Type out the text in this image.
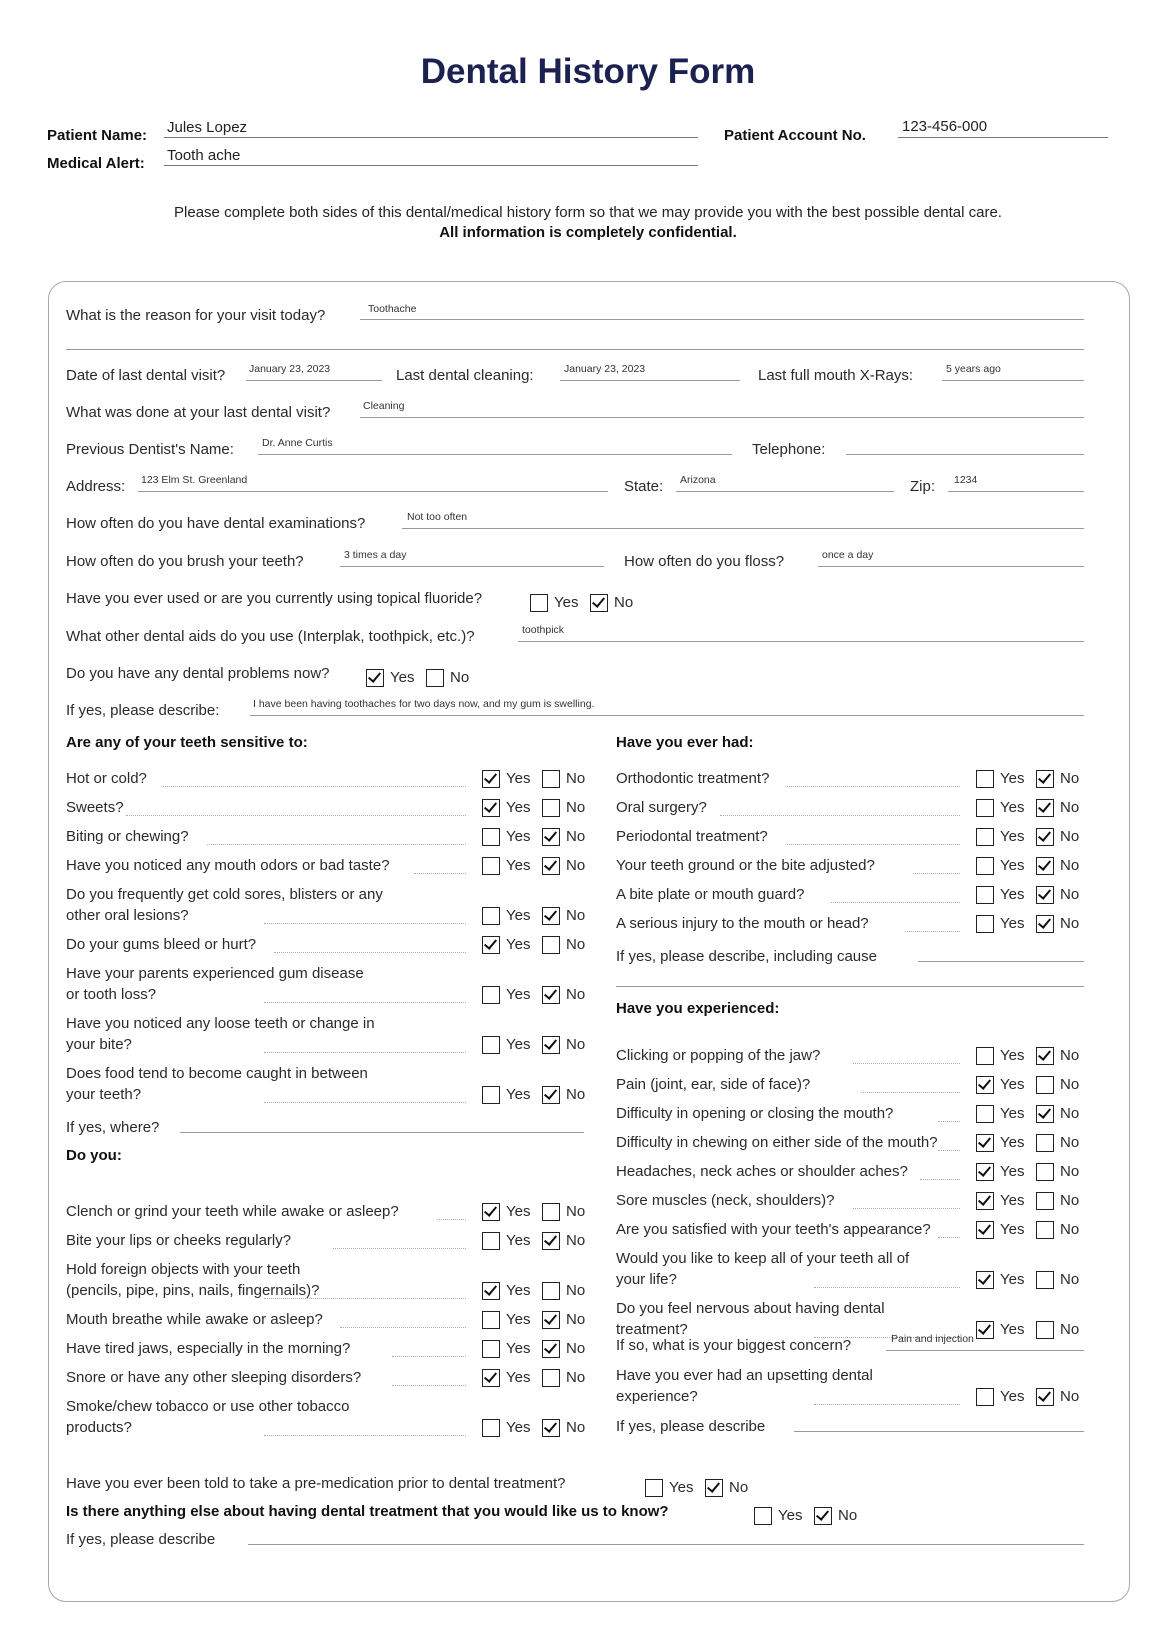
Dental History Form
Patient Name: Jules Lopez	Patient Account No.
123-456-000
Medical Alert: Tooth ache
Please complete both sides of this dental/medical history form so that we may provide you with the best possible dental care.
All information is completely confidential.
What is the reason for your visit today?	Toothache
Date of last dental visit? January 23, 2023	Last dental cleaning:	January 23, 2023	Last full mouth X-Rays:	5 years ago
What was done at your last dental visit?	Cleaning
Previous Dentist's Name:	Dr. Anne Curtis	Telephone:
Address: 123 Elm St. Greenland	State: Arizona	Zip: 1234
How often do you have dental examinations?	Not too often
How often do you brush your teeth?	3 times a day	How often do you floss?	once a day
Have you ever used or are you currently using topical fluoride?	Yes No
What other dental aids do you use (Interplak, toothpick, etc.)?	toothpick
Do you have any dental problems now?	Yes No
If yes, please describe:	I have been having toothaches for two days now, and my gum is swelling.
Are any of your teeth sensitive to:	Have you ever had:
Do you:
Have you experienced:
Hot or cold?	Yes No
Sweets?	Yes No
Biting or chewing?	Yes No
Have you noticed any mouth odors or bad taste?	Yes No
Do you frequently get cold sores, blisters or any
other oral lesions?	Yes No
Do your gums bleed or hurt?	Yes No
Have your parents experienced gum disease
or tooth loss?	Yes No
Have you noticed any loose teeth or change in
your bite?	Yes No
Does food tend to become caught in between
your teeth?	Yes No
Clench or grind your teeth while awake or asleep?	Yes No
Bite your lips or cheeks regularly?	Yes No
Hold foreign objects with your teeth
(pencils, pipe, pins, nails, fingernails)?	Yes No
Mouth breathe while awake or asleep?	Yes No
Have tired jaws, especially in the morning?	Yes No
Snore or have any other sleeping disorders?	Yes No
Smoke/chew tobacco or use other tobacco
products?	Yes No
Orthodontic treatment?	Yes No
Oral surgery?	Yes No
Periodontal treatment?	Yes No
Your teeth ground or the bite adjusted?	Yes No
A bite plate or mouth guard?	Yes No
A serious injury to the mouth or head?	Yes No
Clicking or popping of the jaw?	Yes No
Pain (joint, ear, side of face)?	Yes No
Difficulty in opening or closing the mouth?	Yes No
Difficulty in chewing on either side of the mouth?	Yes No
Headaches, neck aches or shoulder aches?	Yes No
Sore muscles (neck, shoulders)?	Yes No
Are you satisfied with your teeth's appearance?	Yes No
Would you like to keep all of your teeth all of
your life?	Yes No
Do you feel nervous about having dental
treatment?	Yes No
Have you ever had an upsetting dental
experience?	Yes No
If yes, where?
If yes, please describe, including cause
If so, what is your biggest concern?	Pain and injection
If yes, please describe
Have you ever been told to take a pre-medication prior to dental treatment?	Yes No
Is there anything else about having dental treatment that you would like us to know?	Yes No
If yes, please describe
